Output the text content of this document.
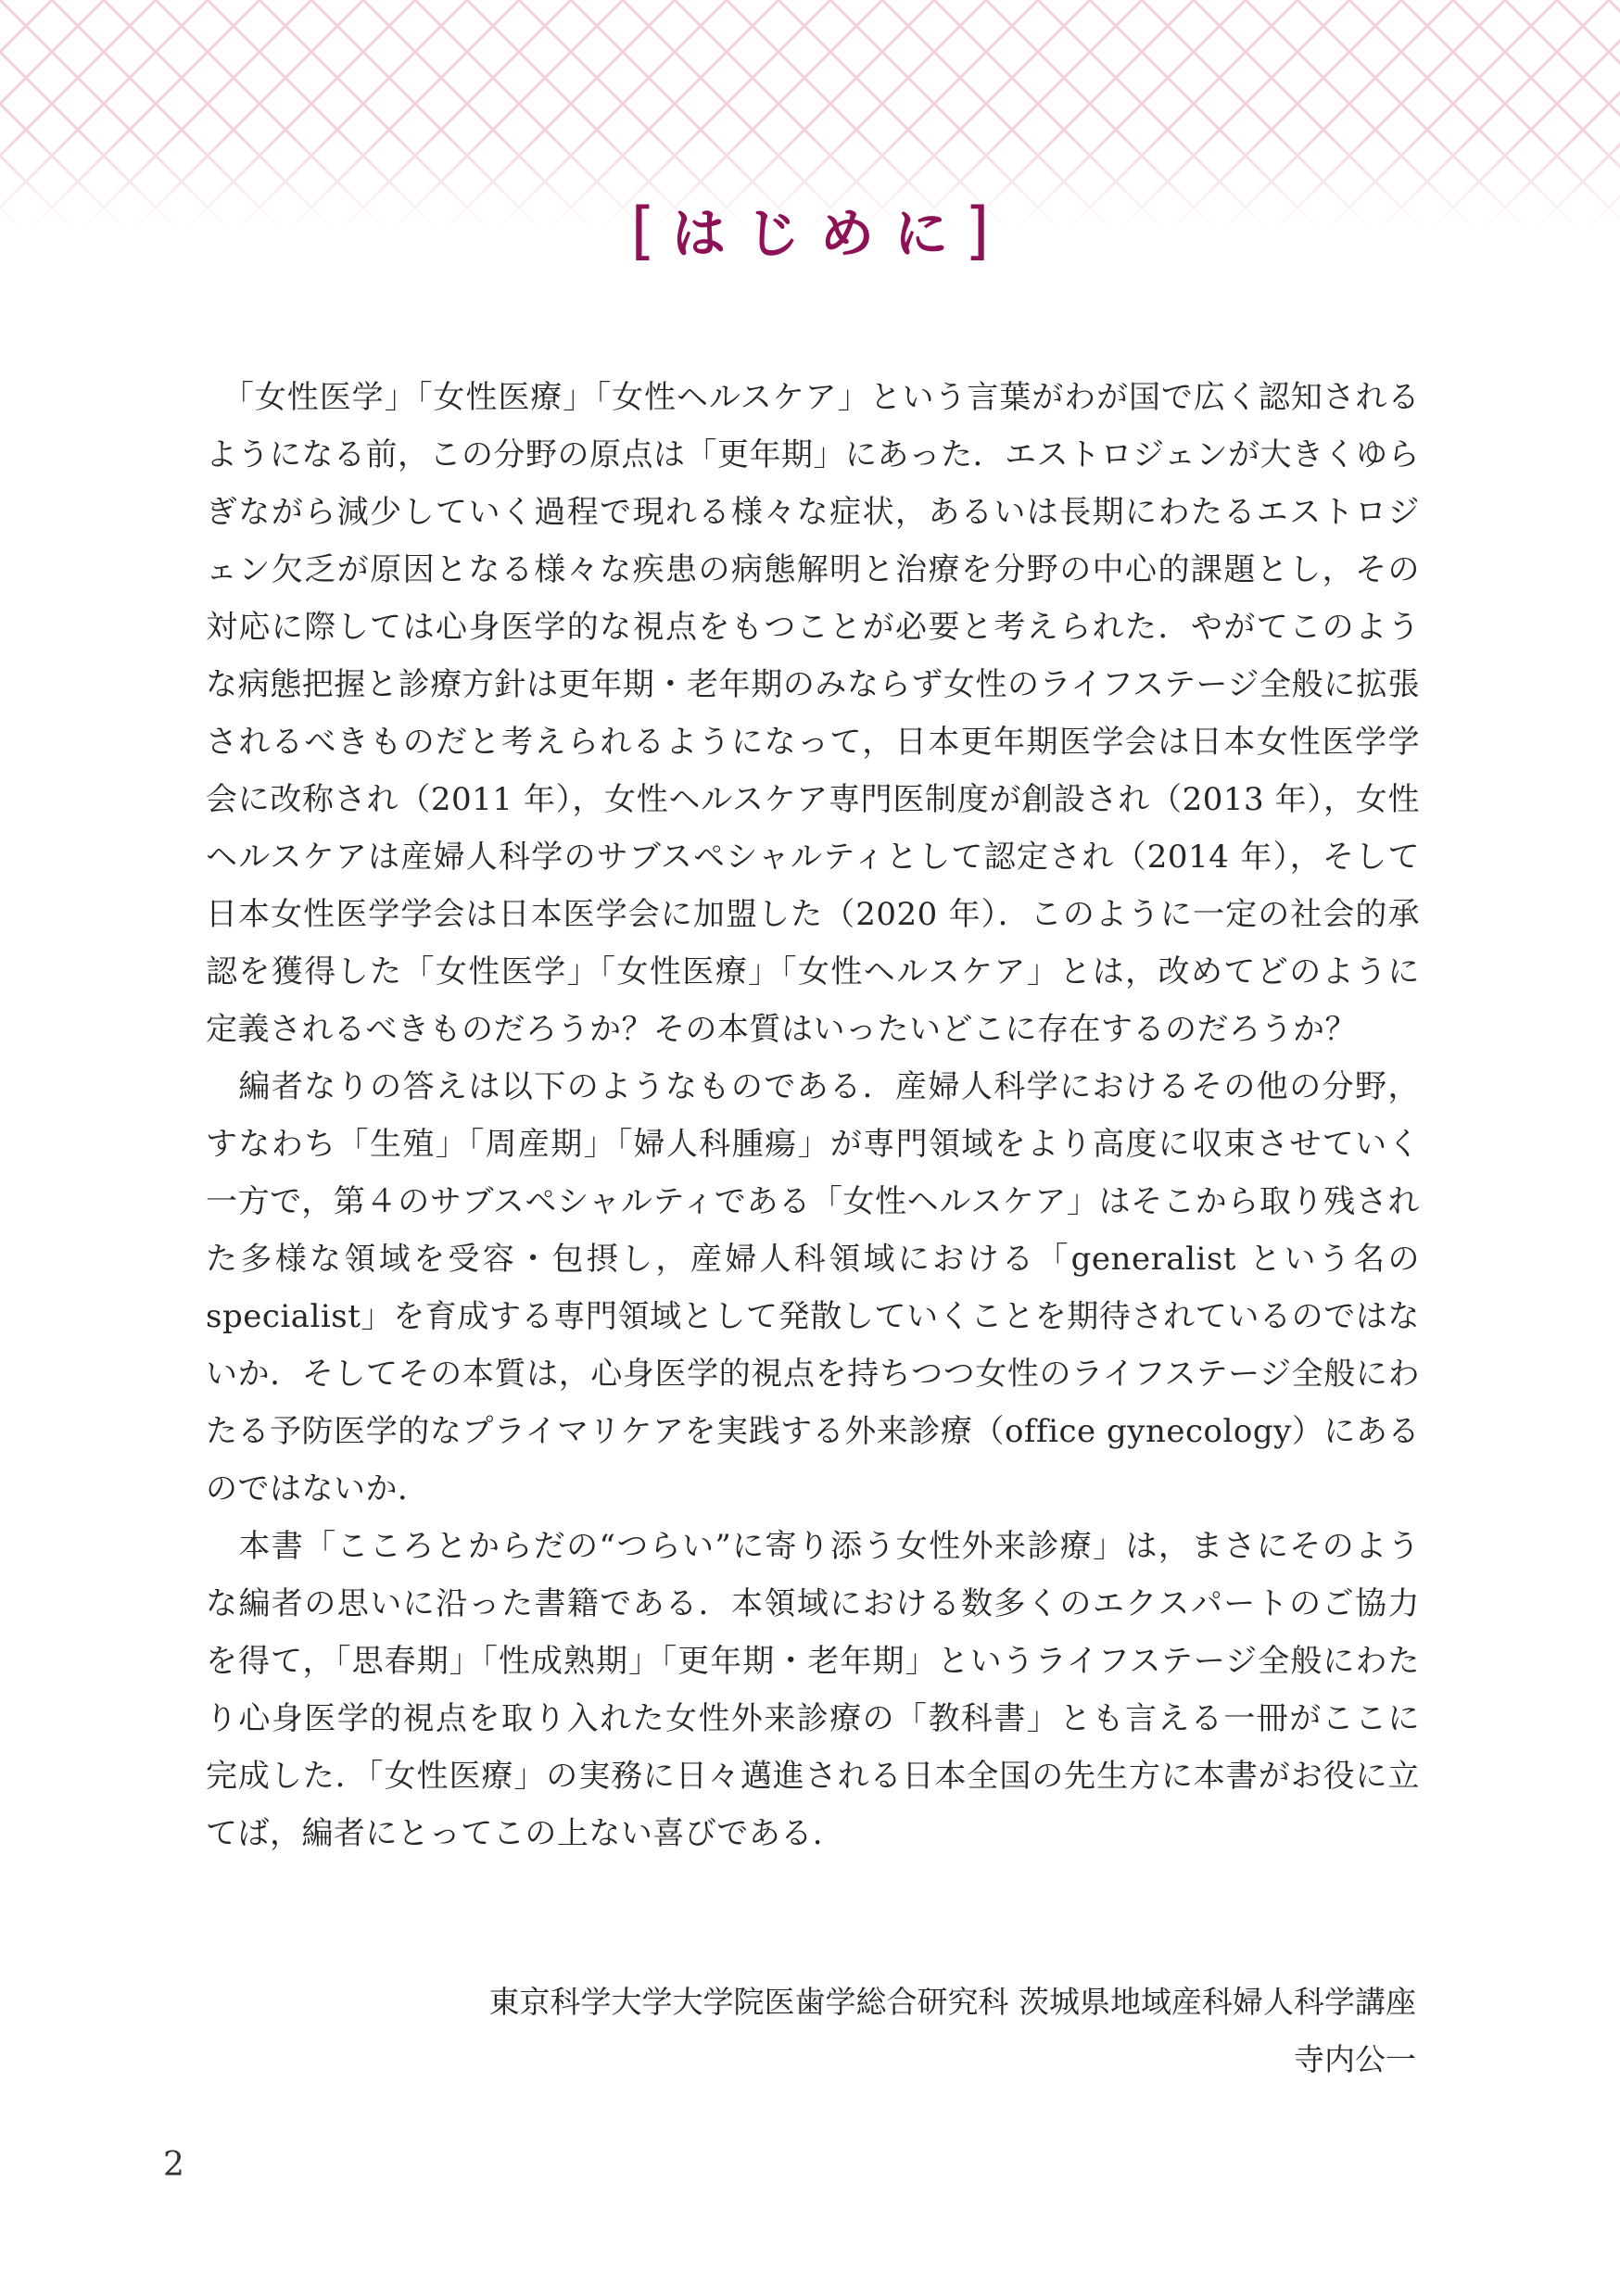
[ はじめに]

　「女性医学」「女性医療」「女性ヘルスケア」という言葉がわが国で広く認知されるようになる前，この分野の原点は「更年期」にあった．エストロジェンが大きくゆらぎながら減少していく過程で現れる様々な症状，あるいは長期にわたるエストロジェン欠乏が原因となる様々な疾患の病態解明と治療を分野の中心的課題とし，その対応に際しては心身医学的な視点をもつことが必要と考えられた．やがてこのような病態把握と診療方針は更年期・老年期のみならず女性のライフステージ全般に拡張されるべきものだと考えられるようになって，日本更年期医学会は日本女性医学学会に改称され（2011 年），女性ヘルスケア専門医制度が創設され（2013 年），女性ヘルスケアは産婦人科学のサブスペシャルティとして認定され（2014 年），そして日本女性医学学会は日本医学会に加盟した（2020 年）．このように一定の社会的承認を獲得した「女性医学」「女性医療」「女性ヘルスケア」とは，改めてどのように定義されるべきものだろうか？その本質はいったいどこに存在するのだろうか？

　編者なりの答えは以下のようなものである．産婦人科学におけるその他の分野，すなわち「生殖」「周産期」「婦人科腫瘍」が専門領域をより高度に収束させていく一方で，第４のサブスペシャルティである「女性ヘルスケア」はそこから取り残された多様な領域を受容・包摂し，産婦人科領域における「generalist という名の specialist」を育成する専門領域として発散していくことを期待されているのではないか．そしてその本質は，心身医学的視点を持ちつつ女性のライフステージ全般にわたる予防医学的なプライマリケアを実践する外来診療（office gynecology）にあるのではないか．

　本書「こころとからだの“つらい”に寄り添う女性外来診療」は，まさにそのような編者の思いに沿った書籍である．本領域における数多くのエクスパートのご協力を得て，「思春期」「性成熟期」「更年期・老年期」というライフステージ全般にわたり心身医学的視点を取り入れた女性外来診療の「教科書」とも言える一冊がここに完成した．「女性医療」の実務に日々邁進される日本全国の先生方に本書がお役に立てば，編者にとってこの上ない喜びである．

東京科学大学大学院医歯学総合研究科 茨城県地域産科婦人科学講座
寺内公一
2
